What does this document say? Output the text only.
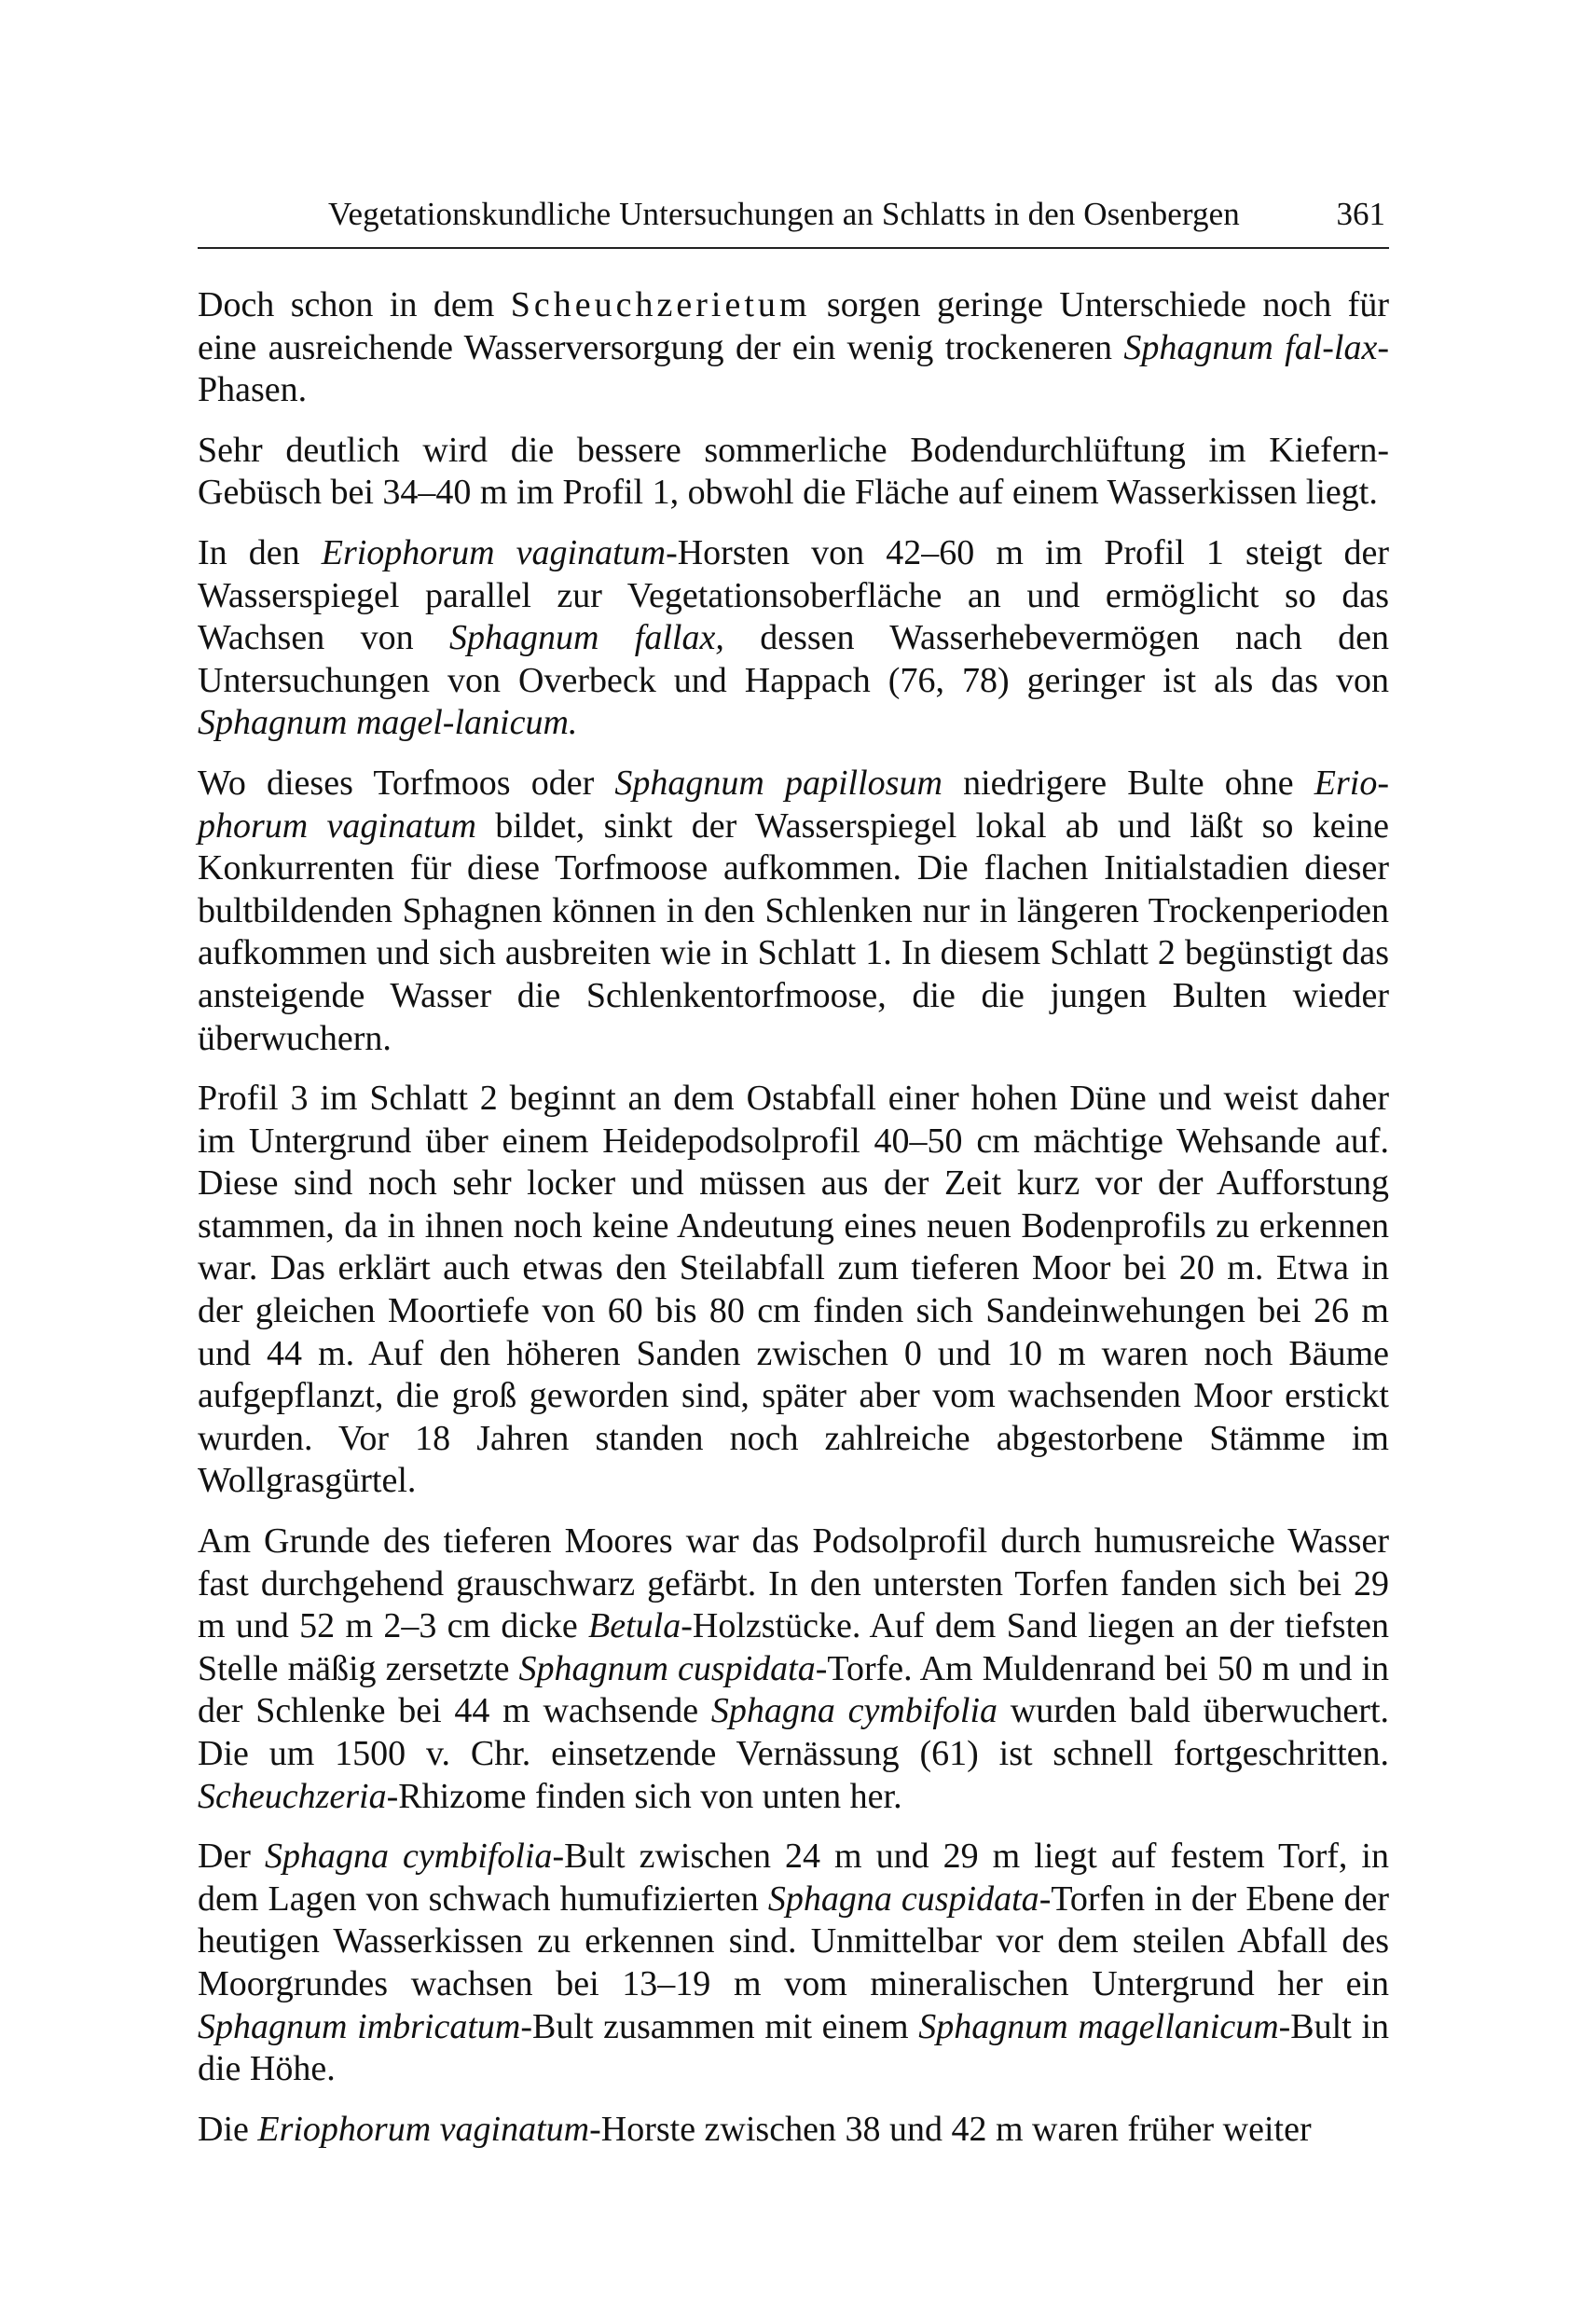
Vegetationskundliche Untersuchungen an Schlatts in den Osenbergen	361

Doch schon in dem Scheuchzerietum sorgen geringe Unterschiede noch für eine ausreichende Wasserversorgung der ein wenig trockeneren Sphagnum fal-lax-Phasen.

Sehr deutlich wird die bessere sommerliche Bodendurchlüftung im Kiefern-Gebüsch bei 34–40 m im Profil 1, obwohl die Fläche auf einem Wasserkissen liegt.

In den Eriophorum vaginatum-Horsten von 42–60 m im Profil 1 steigt der Wasserspiegel parallel zur Vegetationsoberfläche an und ermöglicht so das Wachsen von Sphagnum fallax, dessen Wasserhebevermögen nach den Untersuchungen von Overbeck und Happach (76, 78) geringer ist als das von Sphagnum magel-lanicum.

Wo dieses Torfmoos oder Sphagnum papillosum niedrigere Bulte ohne Erio-phorum vaginatum bildet, sinkt der Wasserspiegel lokal ab und läßt so keine Konkurrenten für diese Torfmoose aufkommen. Die flachen Initialstadien dieser bultbildenden Sphagnen können in den Schlenken nur in längeren Trockenperioden aufkommen und sich ausbreiten wie in Schlatt 1. In diesem Schlatt 2 begünstigt das ansteigende Wasser die Schlenkentorfmoose, die die jungen Bulten wieder überwuchern.

Profil 3 im Schlatt 2 beginnt an dem Ostabfall einer hohen Düne und weist daher im Untergrund über einem Heidepodsolprofil 40–50 cm mächtige Wehsande auf. Diese sind noch sehr locker und müssen aus der Zeit kurz vor der Aufforstung stammen, da in ihnen noch keine Andeutung eines neuen Bodenprofils zu erkennen war. Das erklärt auch etwas den Steilabfall zum tieferen Moor bei 20 m. Etwa in der gleichen Moortiefe von 60 bis 80 cm finden sich Sandeinwehungen bei 26 m und 44 m. Auf den höheren Sanden zwischen 0 und 10 m waren noch Bäume aufgepflanzt, die groß geworden sind, später aber vom wachsenden Moor erstickt wurden. Vor 18 Jahren standen noch zahlreiche abgestorbene Stämme im Wollgrasgürtel.

Am Grunde des tieferen Moores war das Podsolprofil durch humusreiche Wasser fast durchgehend grauschwarz gefärbt. In den untersten Torfen fanden sich bei 29 m und 52 m 2–3 cm dicke Betula-Holzstücke. Auf dem Sand liegen an der tiefsten Stelle mäßig zersetzte Sphagnum cuspidata-Torfe. Am Muldenrand bei 50 m und in der Schlenke bei 44 m wachsende Sphagna cymbifolia wurden bald überwuchert. Die um 1500 v. Chr. einsetzende Vernässung (61) ist schnell fortgeschritten. Scheuchzeria-Rhizome finden sich von unten her.

Der Sphagna cymbifolia-Bult zwischen 24 m und 29 m liegt auf festem Torf, in dem Lagen von schwach humufizierten Sphagna cuspidata-Torfen in der Ebene der heutigen Wasserkissen zu erkennen sind. Unmittelbar vor dem steilen Abfall des Moorgrundes wachsen bei 13–19 m vom mineralischen Untergrund her ein Sphagnum imbricatum-Bult zusammen mit einem Sphagnum magellanicum-Bult in die Höhe.

Die Eriophorum vaginatum-Horste zwischen 38 und 42 m waren früher weiter
